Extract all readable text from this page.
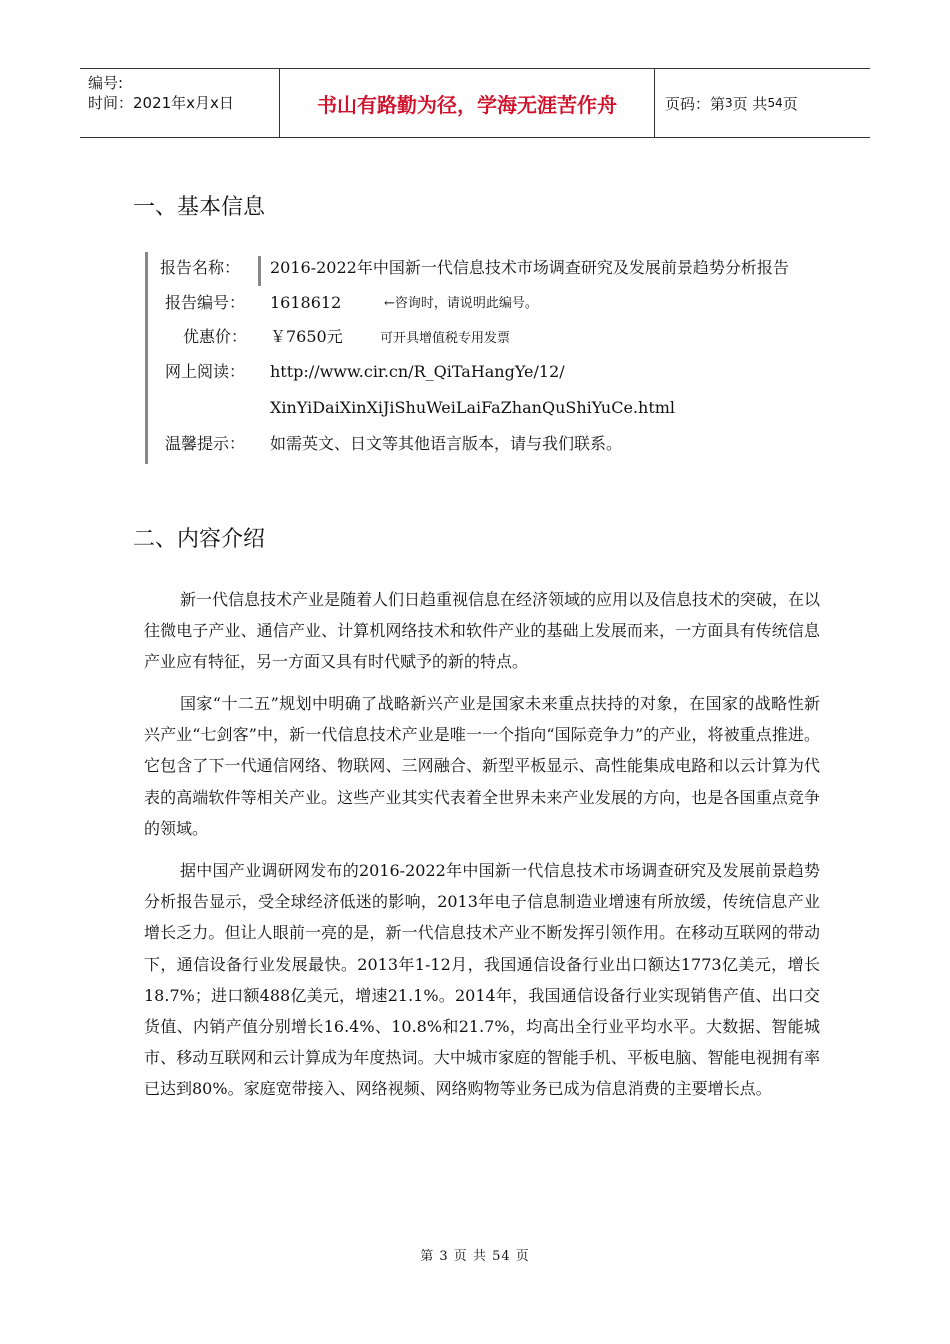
编号:
时间：2021年x月x日	书山有路勤为径，学海无涯苦作舟	页码：第 3 页 共 54 页
一、基本信息
报告名称： 2016-2022年中国新一代信息技术市场调查研究及发展前景趋势分析报告
报告编号： 1618612	←咨询时，请说明此编号。
优惠价： ￥7650元	可开具增值税专用发票
网上阅读： http://www.cir.cn/R_QiTaHangYe/12/
XinYiDaiXinXiJiShuWeiLaiFaZhanQuShiYuCe.html
温馨提示： 如需英文、日文等其他语言版本，请与我们联系。
二、内容介绍

新一代信息技术产业是随着人们日趋重视信息在经济领域的应用以及信息技术的突破，在以往微电子产业、通信产业、计算机网络技术和软件产业的基础上发展而来，一方面具有传统信息产业应有特征，另一方面又具有时代赋予的新的特点。

国家“十二五”规划中明确了战略新兴产业是国家未来重点扶持的对象，在国家的战略性新兴产业“七剑客”中，新一代信息技术产业是唯一一个指向“国际竞争力”的产业，将被重点推进。它包含了下一代通信网络、物联网、三网融合、新型平板显示、高性能集成电路和以云计算为代表的高端软件等相关产业。这些产业其实代表着全世界未来产业发展的方向，也是各国重点竞争的领域。

据中国产业调研网发布的2016-2022年中国新一代信息技术市场调查研究及发展前景趋势分析报告显示，受全球经济低迷的影响，2013年电子信息制造业增速有所放缓，传统信息产业增长乏力。但让人眼前一亮的是，新一代信息技术产业不断发挥引领作用。在移动互联网的带动下，通信设备行业发展最快。2013年1-12月，我国通信设备行业出口额达1773亿美元，增长18.7%；进口额488亿美元，增速21.1%。2014年，我国通信设备行业实现销售产值、出口交货值、内销产值分别增长16.4%、10.8%和21.7%，均高出全行业平均水平。大数据、智能城市、移动互联网和云计算成为年度热词。大中城市家庭的智能手机、平板电脑、智能电视拥有率已达到80%。家庭宽带接入、网络视频、网络购物等业务已成为信息消费的主要增长点。

第 3 页 共 54 页
